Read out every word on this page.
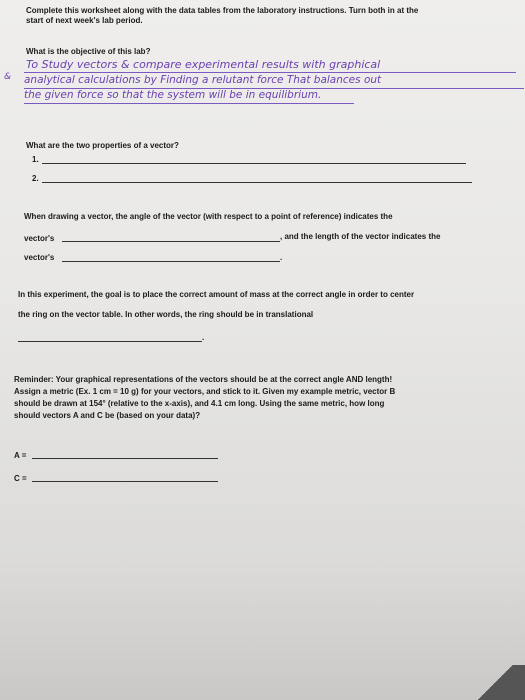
Complete this worksheet along with the data tables from the laboratory instructions. Turn both in at the
start of next week's lab period.
What is the objective of this lab?
&
To Study vectors & compare experimental results with graphical
analytical calculations by Finding a relutant force That balances out
the given force so that the system will be in equilibrium.
What are the two properties of a vector?
1.
2.
When drawing a vector, the angle of the vector (with respect to a point of reference) indicates the
vector's	, and the length of the vector indicates the
vector's	.
In this experiment, the goal is to place the correct amount of mass at the correct angle in order to center
the ring on the vector table. In other words, the ring should be in translational
.
Reminder: Your graphical representations of the vectors should be at the correct angle AND length!
Assign a metric (Ex. 1 cm = 10 g) for your vectors, and stick to it. Given my example metric, vector B
should be drawn at 154° (relative to the x-axis), and 4.1 cm long. Using the same metric, how long
should vectors A and C be (based on your data)?
A =
C =
